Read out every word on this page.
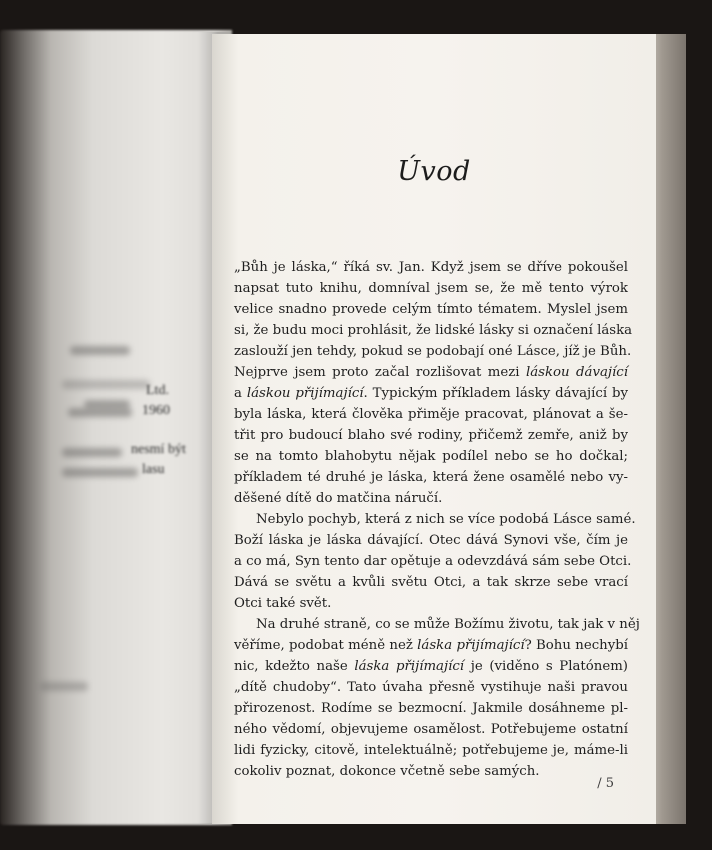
Ltd.
1960
nesmí být
lasu
Úvod
„Bůh je láska,“ říká sv. Jan. Když jsem se dříve pokoušel
napsat tuto knihu, domníval jsem se, že mě tento výrok
velice snadno provede celým tímto tématem. Myslel jsem
si, že budu moci prohlásit, že lidské lásky si označení láska
zaslouží jen tehdy, pokud se podobají oné Lásce, jíž je Bůh.
Nejprve jsem proto začal rozlišovat mezi láskou dávající
a láskou přijímající. Typickým příkladem lásky dávající by
byla láska, která člověka přiměje pracovat, plánovat a še-
třit pro budoucí blaho své rodiny, přičemž zemře, aniž by
se na tomto blahobytu nějak podílel nebo se ho dočkal;
příkladem té druhé je láska, která žene osamělé nebo vy-
děšené dítě do matčina náručí.
Nebylo pochyb, která z nich se více podobá Lásce samé.
Boží láska je láska dávající. Otec dává Synovi vše, čím je
a co má, Syn tento dar opětuje a odevzdává sám sebe Otci.
Dává se světu a kvůli světu Otci, a tak skrze sebe vrací
Otci také svět.
Na druhé straně, co se může Božímu životu, tak jak v něj
věříme, podobat méně než láska přijímající? Bohu nechybí
nic, kdežto naše láska přijímající je (viděno s Platónem)
„dítě chudoby“. Tato úvaha přesně vystihuje naši pravou
přirozenost. Rodíme se bezmocní. Jakmile dosáhneme pl-
ného vědomí, objevujeme osamělost. Potřebujeme ostatní
lidi fyzicky, citově, intelektuálně; potřebujeme je, máme-li
cokoliv poznat, dokonce včetně sebe samých.
/ 5
